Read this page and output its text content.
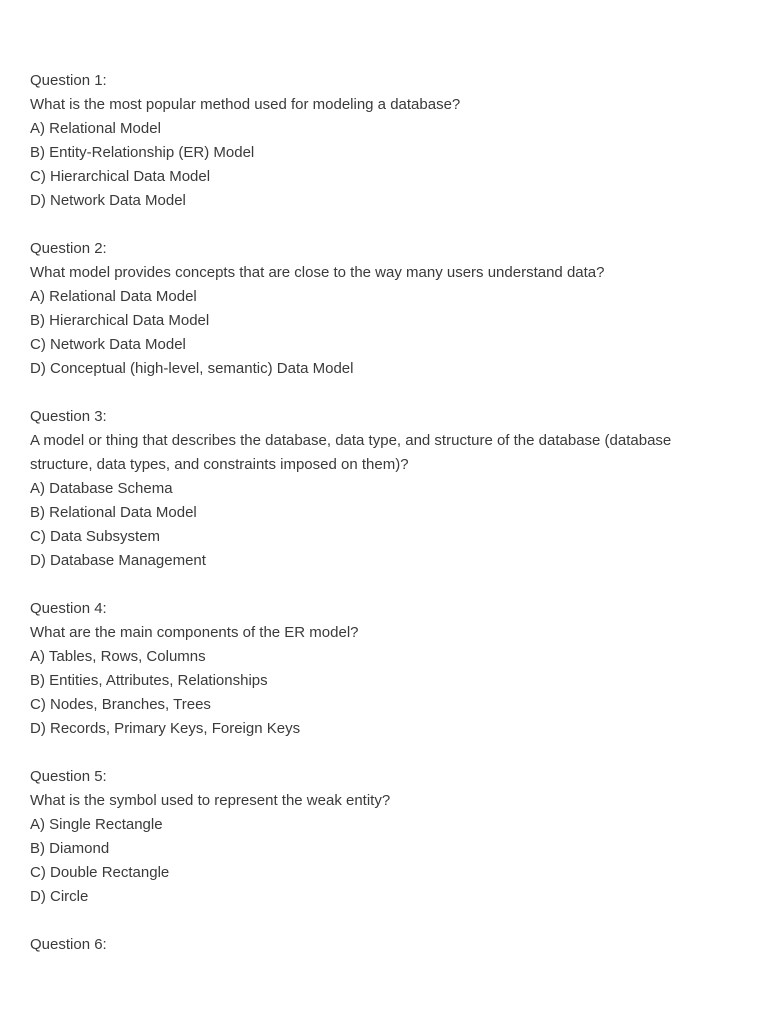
Question 1:
What is the most popular method used for modeling a database?
A) Relational Model
B) Entity-Relationship (ER) Model
C) Hierarchical Data Model
D) Network Data Model
Question 2:
What model provides concepts that are close to the way many users understand data?
A) Relational Data Model
B) Hierarchical Data Model
C) Network Data Model
D) Conceptual (high-level, semantic) Data Model
Question 3:
A model or thing that describes the database, data type, and structure of the database (database structure, data types, and constraints imposed on them)?
A) Database Schema
B) Relational Data Model
C) Data Subsystem
D) Database Management
Question 4:
What are the main components of the ER model?
A) Tables, Rows, Columns
B) Entities, Attributes, Relationships
C) Nodes, Branches, Trees
D) Records, Primary Keys, Foreign Keys
Question 5:
What is the symbol used to represent the weak entity?
A) Single Rectangle
B) Diamond
C) Double Rectangle
D) Circle
Question 6:
